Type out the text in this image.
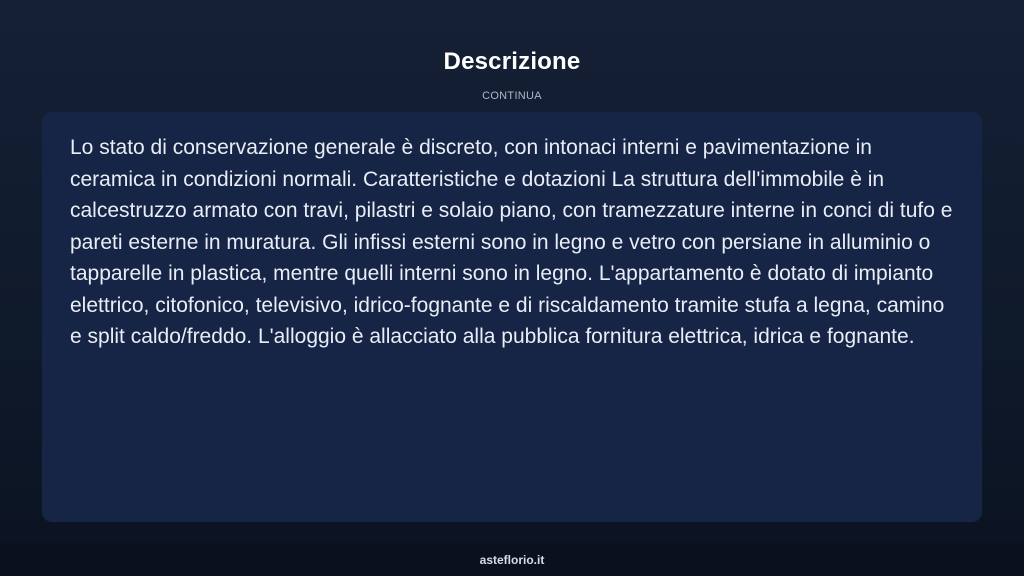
Descrizione
CONTINUA

Lo stato di conservazione generale è discreto, con intonaci interni e pavimentazione in ceramica in condizioni normali. Caratteristiche e dotazioni La struttura dell'immobile è in calcestruzzo armato con travi, pilastri e solaio piano, con tramezzature interne in conci di tufo e pareti esterne in muratura. Gli infissi esterni sono in legno e vetro con persiane in alluminio o tapparelle in plastica, mentre quelli interni sono in legno. L'appartamento è dotato di impianto elettrico, citofonico, televisivo, idrico-fognante e di riscaldamento tramite stufa a legna, camino e split caldo/freddo. L'alloggio è allacciato alla pubblica fornitura elettrica, idrica e fognante.

asteflorio.it
